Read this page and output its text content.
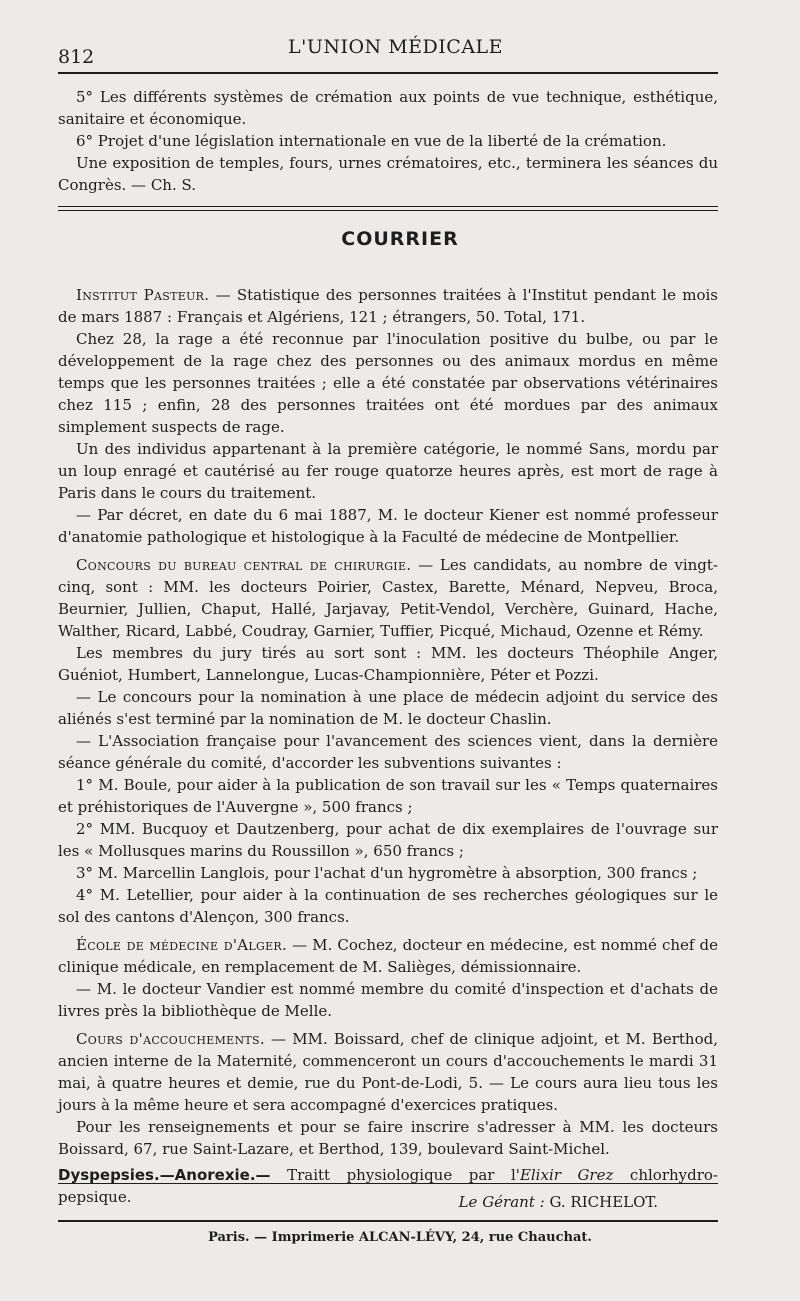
812	L'UNION MÉDICALE

5° Les différents systèmes de crémation aux points de vue technique, esthétique, sanitaire et économique.

6° Projet d'une législation internationale en vue de la liberté de la crémation.

Une exposition de temples, fours, urnes crématoires, etc., terminera les séances du Congrès. — Ch. S.

COURRIER

Institut Pasteur. — Statistique des personnes traitées à l'Institut pendant le mois de mars 1887 : Français et Algériens, 121 ; étrangers, 50. Total, 171.

Chez 28, la rage a été reconnue par l'inoculation positive du bulbe, ou par le développement de la rage chez des personnes ou des animaux mordus en même temps que les personnes traitées ; elle a été constatée par observations vétérinaires chez 115 ; enfin, 28 des personnes traitées ont été mordues par des animaux simplement suspects de rage.

Un des individus appartenant à la première catégorie, le nommé Sans, mordu par un loup enragé et cautérisé au fer rouge quatorze heures après, est mort de rage à Paris dans le cours du traitement.

— Par décret, en date du 6 mai 1887, M. le docteur Kiener est nommé professeur d'anatomie pathologique et histologique à la Faculté de médecine de Montpellier.

Concours du bureau central de chirurgie. — Les candidats, au nombre de vingt-cinq, sont : MM. les docteurs Poirier, Castex, Barette, Ménard, Nepveu, Broca, Beurnier, Jullien, Chaput, Hallé, Jarjavay, Petit-Vendol, Verchère, Guinard, Hache, Walther, Ricard, Labbé, Coudray, Garnier, Tuffier, Picqué, Michaud, Ozenne et Rémy.

Les membres du jury tirés au sort sont : MM. les docteurs Théophile Anger, Guéniot, Humbert, Lannelongue, Lucas-Championnière, Péter et Pozzi.

— Le concours pour la nomination à une place de médecin adjoint du service des aliénés s'est terminé par la nomination de M. le docteur Chaslin.

— L'Association française pour l'avancement des sciences vient, dans la dernière séance générale du comité, d'accorder les subventions suivantes :

1° M. Boule, pour aider à la publication de son travail sur les « Temps quaternaires et préhistoriques de l'Auvergne », 500 francs ;

2° MM. Bucquoy et Dautzenberg, pour achat de dix exemplaires de l'ouvrage sur les « Mollusques marins du Roussillon », 650 francs ;

3° M. Marcellin Langlois, pour l'achat d'un hygromètre à absorption, 300 francs ;

4° M. Letellier, pour aider à la continuation de ses recherches géologiques sur le sol des cantons d'Alençon, 300 francs.

École de médecine d'Alger. — M. Cochez, docteur en médecine, est nommé chef de clinique médicale, en remplacement de M. Salièges, démissionnaire.

— M. le docteur Vandier est nommé membre du comité d'inspection et d'achats de livres près la bibliothèque de Melle.

Cours d'accouchements. — MM. Boissard, chef de clinique adjoint, et M. Berthod, ancien interne de la Maternité, commenceront un cours d'accouchements le mardi 31 mai, à quatre heures et demie, rue du Pont-de-Lodi, 5. — Le cours aura lieu tous les jours à la même heure et sera accompagné d'exercices pratiques.

Pour les renseignements et pour se faire inscrire s'adresser à MM. les docteurs Boissard, 67, rue Saint-Lazare, et Berthod, 139, boulevard Saint-Michel.

Dyspepsies.—Anorexie.— Traitt physiologique par l'Elixir Grez chlorhydro-pepsique.	Le Gérant : G. RICHELOT.
Paris. — Imprimerie ALCAN-LÉVY, 24, rue Chauchat.
